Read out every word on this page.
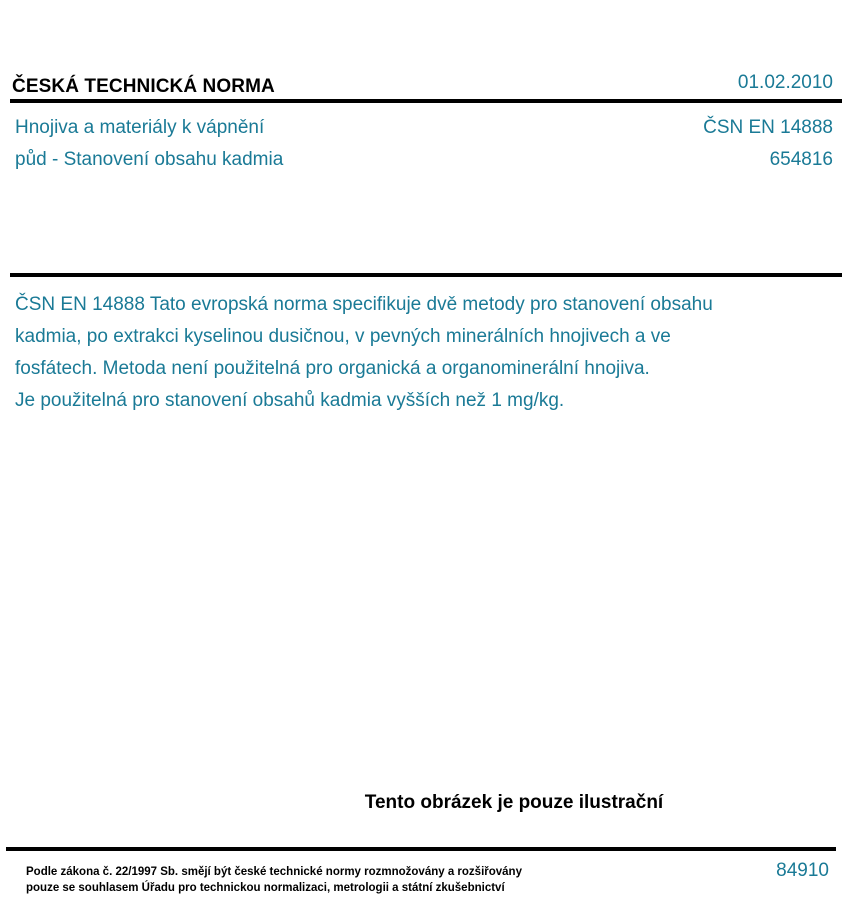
ČESKÁ TECHNICKÁ NORMA	01.02.2010
Hnojiva a materiály k vápnění
půd - Stanovení obsahu kadmia
ČSN EN 14888
654816

ČSN EN 14888 Tato evropská norma specifikuje dvě metody pro stanovení obsahu

kadmia, po extrakci kyselinou dusičnou, v pevných minerálních hnojivech a ve

fosfátech. Metoda není použitelná pro organická a organominerální hnojiva.

Je použitelná pro stanovení obsahů kadmia vyšších než 1 mg/kg.

Tento obrázek je pouze ilustrační

Podle zákona č. 22/1997 Sb. smějí být české technické normy rozmnožovány a rozšiřovány

pouze se souhlasem Úřadu pro technickou normalizaci, metrologii a státní zkušebnictví

84910
